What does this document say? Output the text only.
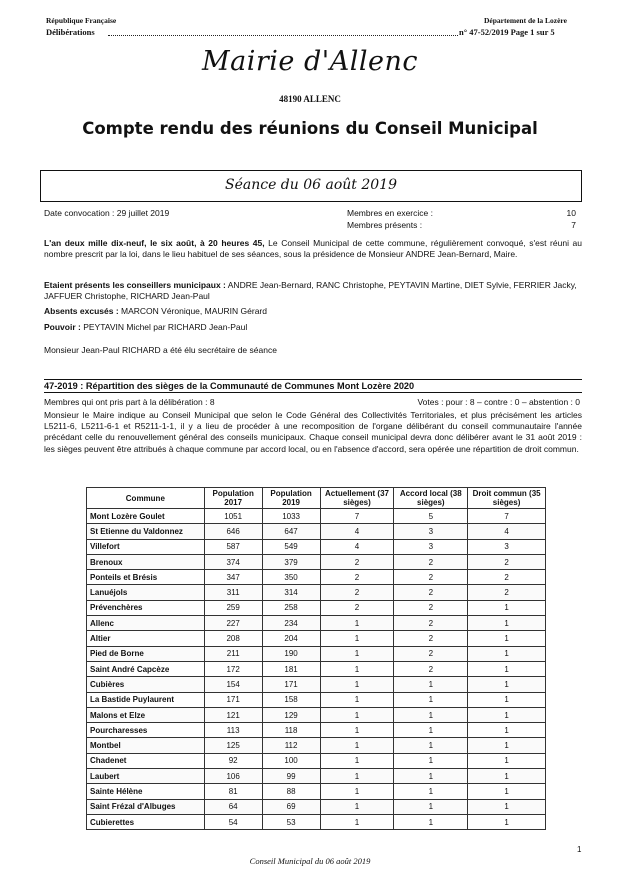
République Française	Département de la Lozère
Délibérations	n° 47-52/2019 Page 1 sur 5
Mairie d'Allenc
48190 ALLENC
Compte rendu des réunions du Conseil Municipal
Séance du 06 août 2019
Date convocation : 29 juillet 2019	Membres en exercice :	10
Membres présents :	7
L'an deux mille dix-neuf, le six août, à 20 heures 45, Le Conseil Municipal de cette commune, régulièrement convoqué, s'est réuni au nombre prescrit par la loi, dans le lieu habituel de ses séances, sous la présidence de Monsieur ANDRE Jean-Bernard, Maire.
Etaient présents les conseillers municipaux : ANDRE Jean-Bernard, RANC Christophe, PEYTAVIN Martine, DIET Sylvie, FERRIER Jacky, JAFFUER Christophe, RICHARD Jean-Paul
Absents excusés : MARCON Véronique, MAURIN Gérard
Pouvoir : PEYTAVIN Michel par RICHARD Jean-Paul
Monsieur Jean-Paul RICHARD a été élu secrétaire de séance
47-2019 : Répartition des sièges de la Communauté de Communes Mont Lozère 2020
Membres qui ont pris part à la délibération : 8	Votes : pour : 8 – contre : 0 – abstention : 0
Monsieur le Maire indique au Conseil Municipal que selon le Code Général des Collectivités Territoriales, et plus précisément les articles L5211-6, L5211-6-1 et R5211-1-1, il y a lieu de procéder à une recomposition de l'organe délibérant du conseil communautaire l'année précédant celle du renouvellement général des conseils municipaux. Chaque conseil municipal devra donc délibérer avant le 31 août 2019 : les sièges peuvent être attribués à chaque commune par accord local, ou en l'absence d'accord, sera opérée une répartition de droit commun.
Commune	Population 2017	Population 2019	Actuellement (37 sièges)	Accord local (38 sièges)	Droit commun (35 sièges)
Mont Lozère Goulet	1051	1033	7	5	7
St Etienne du Valdonnez	646	647	4	3	4
Villefort	587	549	4	3	3
Brenoux	374	379	2	2	2
Ponteils et Brésis	347	350	2	2	2
Lanuéjols	311	314	2	2	2
Prévenchères	259	258	2	2	1
Allenc	227	234	1	2	1
Altier	208	204	1	2	1
Pied de Borne	211	190	1	2	1
Saint André Capcèze	172	181	1	2	1
Cubières	154	171	1	1	1
La Bastide Puylaurent	171	158	1	1	1
Malons et Elze	121	129	1	1	1
Pourcharesses	113	118	1	1	1
Montbel	125	112	1	1	1
Chadenet	92	100	1	1	1
Laubert	106	99	1	1	1
Sainte Hélène	81	88	1	1	1
Saint Frézal d'Albuges	64	69	1	1	1
Cubierettes	54	53	1	1	1
1
Conseil Municipal du 06 août 2019
